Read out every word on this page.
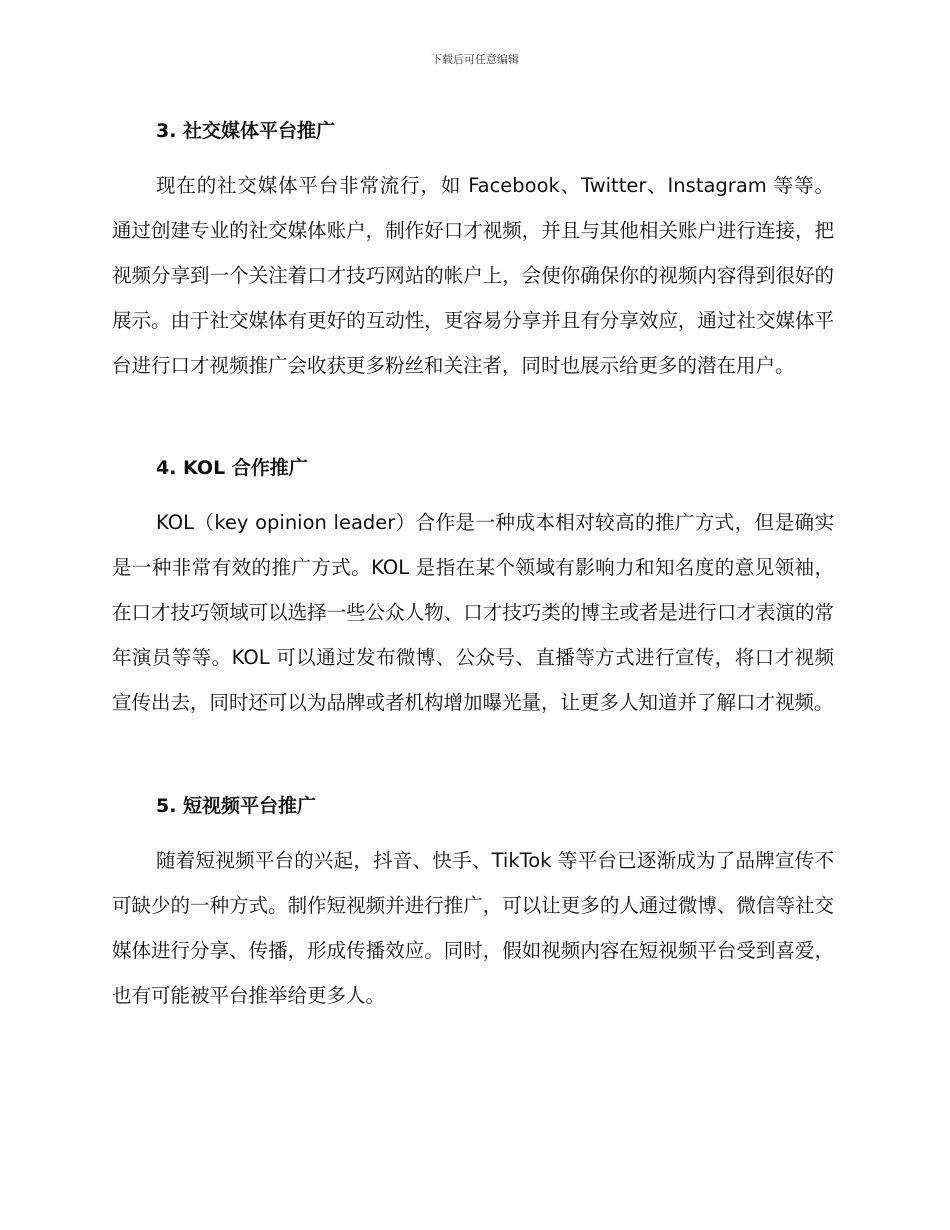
下载后可任意编辑
3. 社交媒体平台推广

现在的社交媒体平台非常流行，如 Facebook、Twitter、Instagram 等等。通过创建专业的社交媒体账户，制作好口才视频，并且与其他相关账户进行连接，把视频分享到一个关注着口才技巧网站的帐户上，会使你确保你的视频内容得到很好的展示。由于社交媒体有更好的互动性，更容易分享并且有分享效应，通过社交媒体平台进行口才视频推广会收获更多粉丝和关注者，同时也展示给更多的潜在用户。

4. KOL 合作推广

KOL（key opinion leader）合作是一种成本相对较高的推广方式，但是确实是一种非常有效的推广方式。KOL 是指在某个领域有影响力和知名度的意见领袖，在口才技巧领域可以选择一些公众人物、口才技巧类的博主或者是进行口才表演的常年演员等等。KOL 可以通过发布微博、公众号、直播等方式进行宣传，将口才视频宣传出去，同时还可以为品牌或者机构增加曝光量，让更多人知道并了解口才视频。

5. 短视频平台推广

随着短视频平台的兴起，抖音、快手、TikTok 等平台已逐渐成为了品牌宣传不可缺少的一种方式。制作短视频并进行推广，可以让更多的人通过微博、微信等社交媒体进行分享、传播，形成传播效应。同时，假如视频内容在短视频平台受到喜爱，也有可能被平台推举给更多人。
